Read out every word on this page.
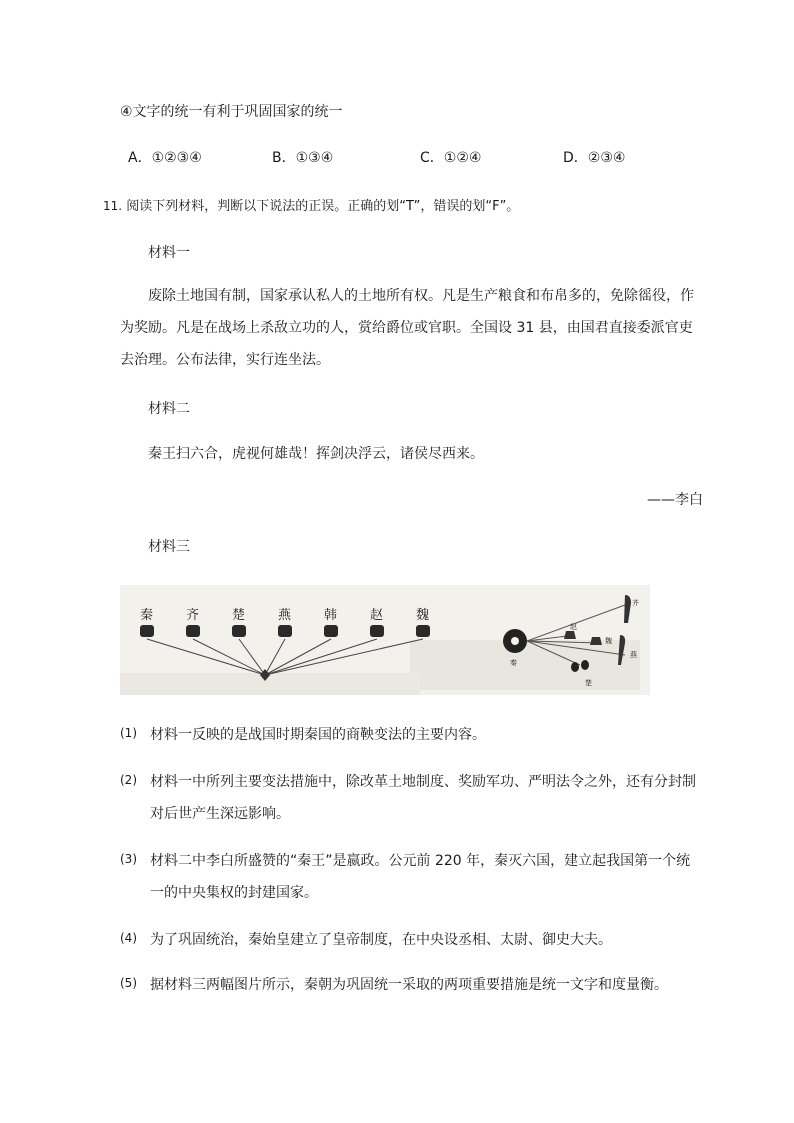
④文字的统一有利于巩固国家的统一
A．①②③④	B．①③④	C．①②④	D．②③④
11. 阅读下列材料，判断以下说法的正误。正确的划“T”，错误的划“F”。
材料一
废除土地国有制，国家承认私人的土地所有权。凡是生产粮食和布帛多的，免除徭役，作
为奖励。凡是在战场上杀敌立功的人，赏给爵位或官职。全国设 31 县，由国君直接委派官吏
去治理。公布法律，实行连坐法。
材料二
秦王扫六合，虎视何雄哉！挥剑决浮云，诸侯尽西来。
——李白
材料三
秦	齐	楚	燕	韩	赵	魏
秦
齐
赵
魏
燕
楚
(1) 材料一反映的是战国时期秦国的商鞅变法的主要内容。
(2) 材料一中所列主要变法措施中，除改革土地制度、奖励军功、严明法令之外，还有分封制
对后世产生深远影响。
(3) 材料二中李白所盛赞的“秦王”是嬴政。公元前 220 年，秦灭六国，建立起我国第一个统
一的中央集权的封建国家。
(4) 为了巩固统治，秦始皇建立了皇帝制度，在中央设丞相、太尉、御史大夫。
(5) 据材料三两幅图片所示，秦朝为巩固统一采取的两项重要措施是统一文字和度量衡。
